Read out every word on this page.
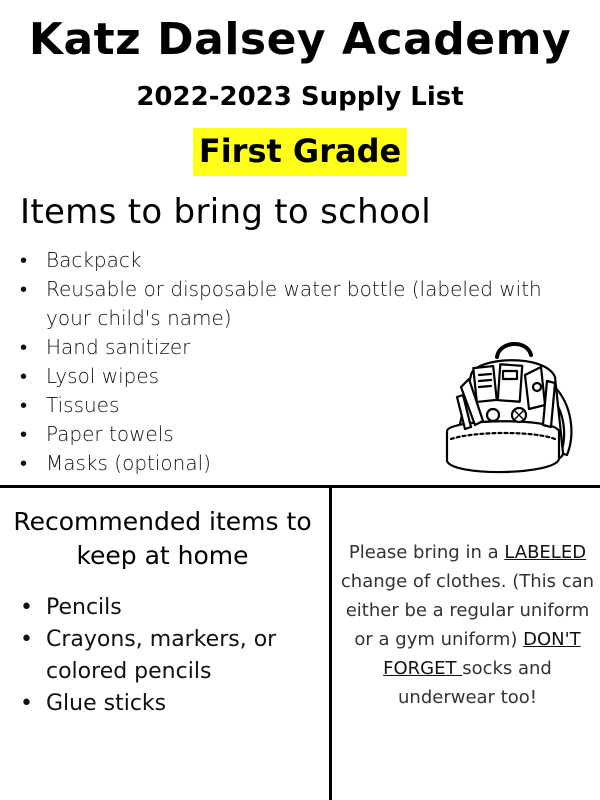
Katz Dalsey Academy
2022-2023 Supply List
First Grade
Items to bring to school
• Backpack
• Reusable or disposable water bottle (labeled with your child's name)
• Hand sanitizer
• Lysol wipes
• Tissues
• Paper towels
• Masks (optional)
Recommended items to keep at home
• Pencils
• Crayons, markers, or colored pencils
• Glue sticks
Please bring in a LABELED change of clothes. (This can either be a regular uniform or a gym uniform) DON'T FORGET socks and underwear too!
